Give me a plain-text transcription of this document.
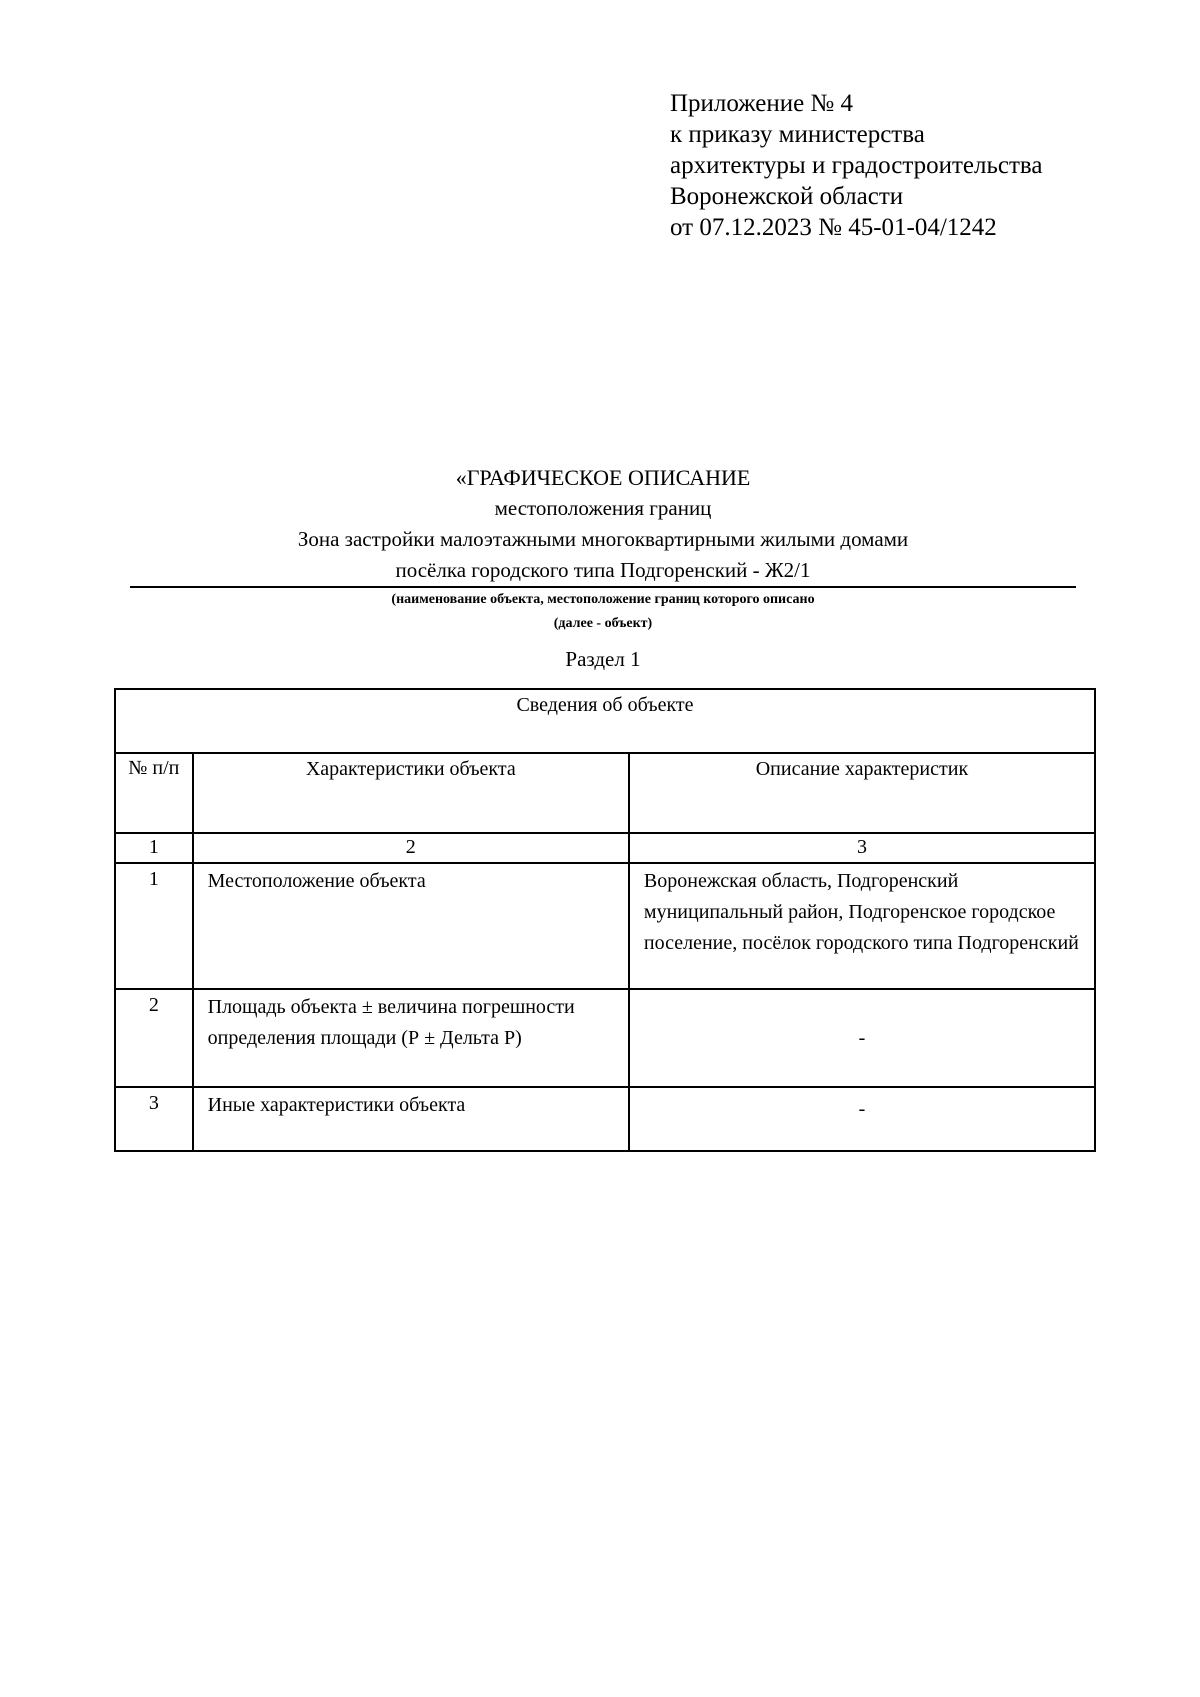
Приложение № 4
к приказу министерства
архитектуры и градостроительства
Воронежской области
от 07.12.2023 № 45-01-04/1242
«ГРАФИЧЕСКОЕ ОПИСАНИЕ
местоположения границ
Зона застройки малоэтажными многоквартирными жилыми домами
посёлка городского типа Подгоренский - Ж2/1
(наименование объекта, местоположение границ которого описано
(далее - объект)
Раздел 1
Сведения об объекте		

№ п/п	Характеристики объекта	Описание характеристик
1	2	3
1	Местоположение объекта	Воронежская область, Подгоренский муниципальный район, Подгоренское городское поселение, посёлок городского типа Подгоренский

2	Площадь объекта ± величина погрешности определения площади (Р ± Дельта Р)	-
3	Иные характеристики объекта	-
